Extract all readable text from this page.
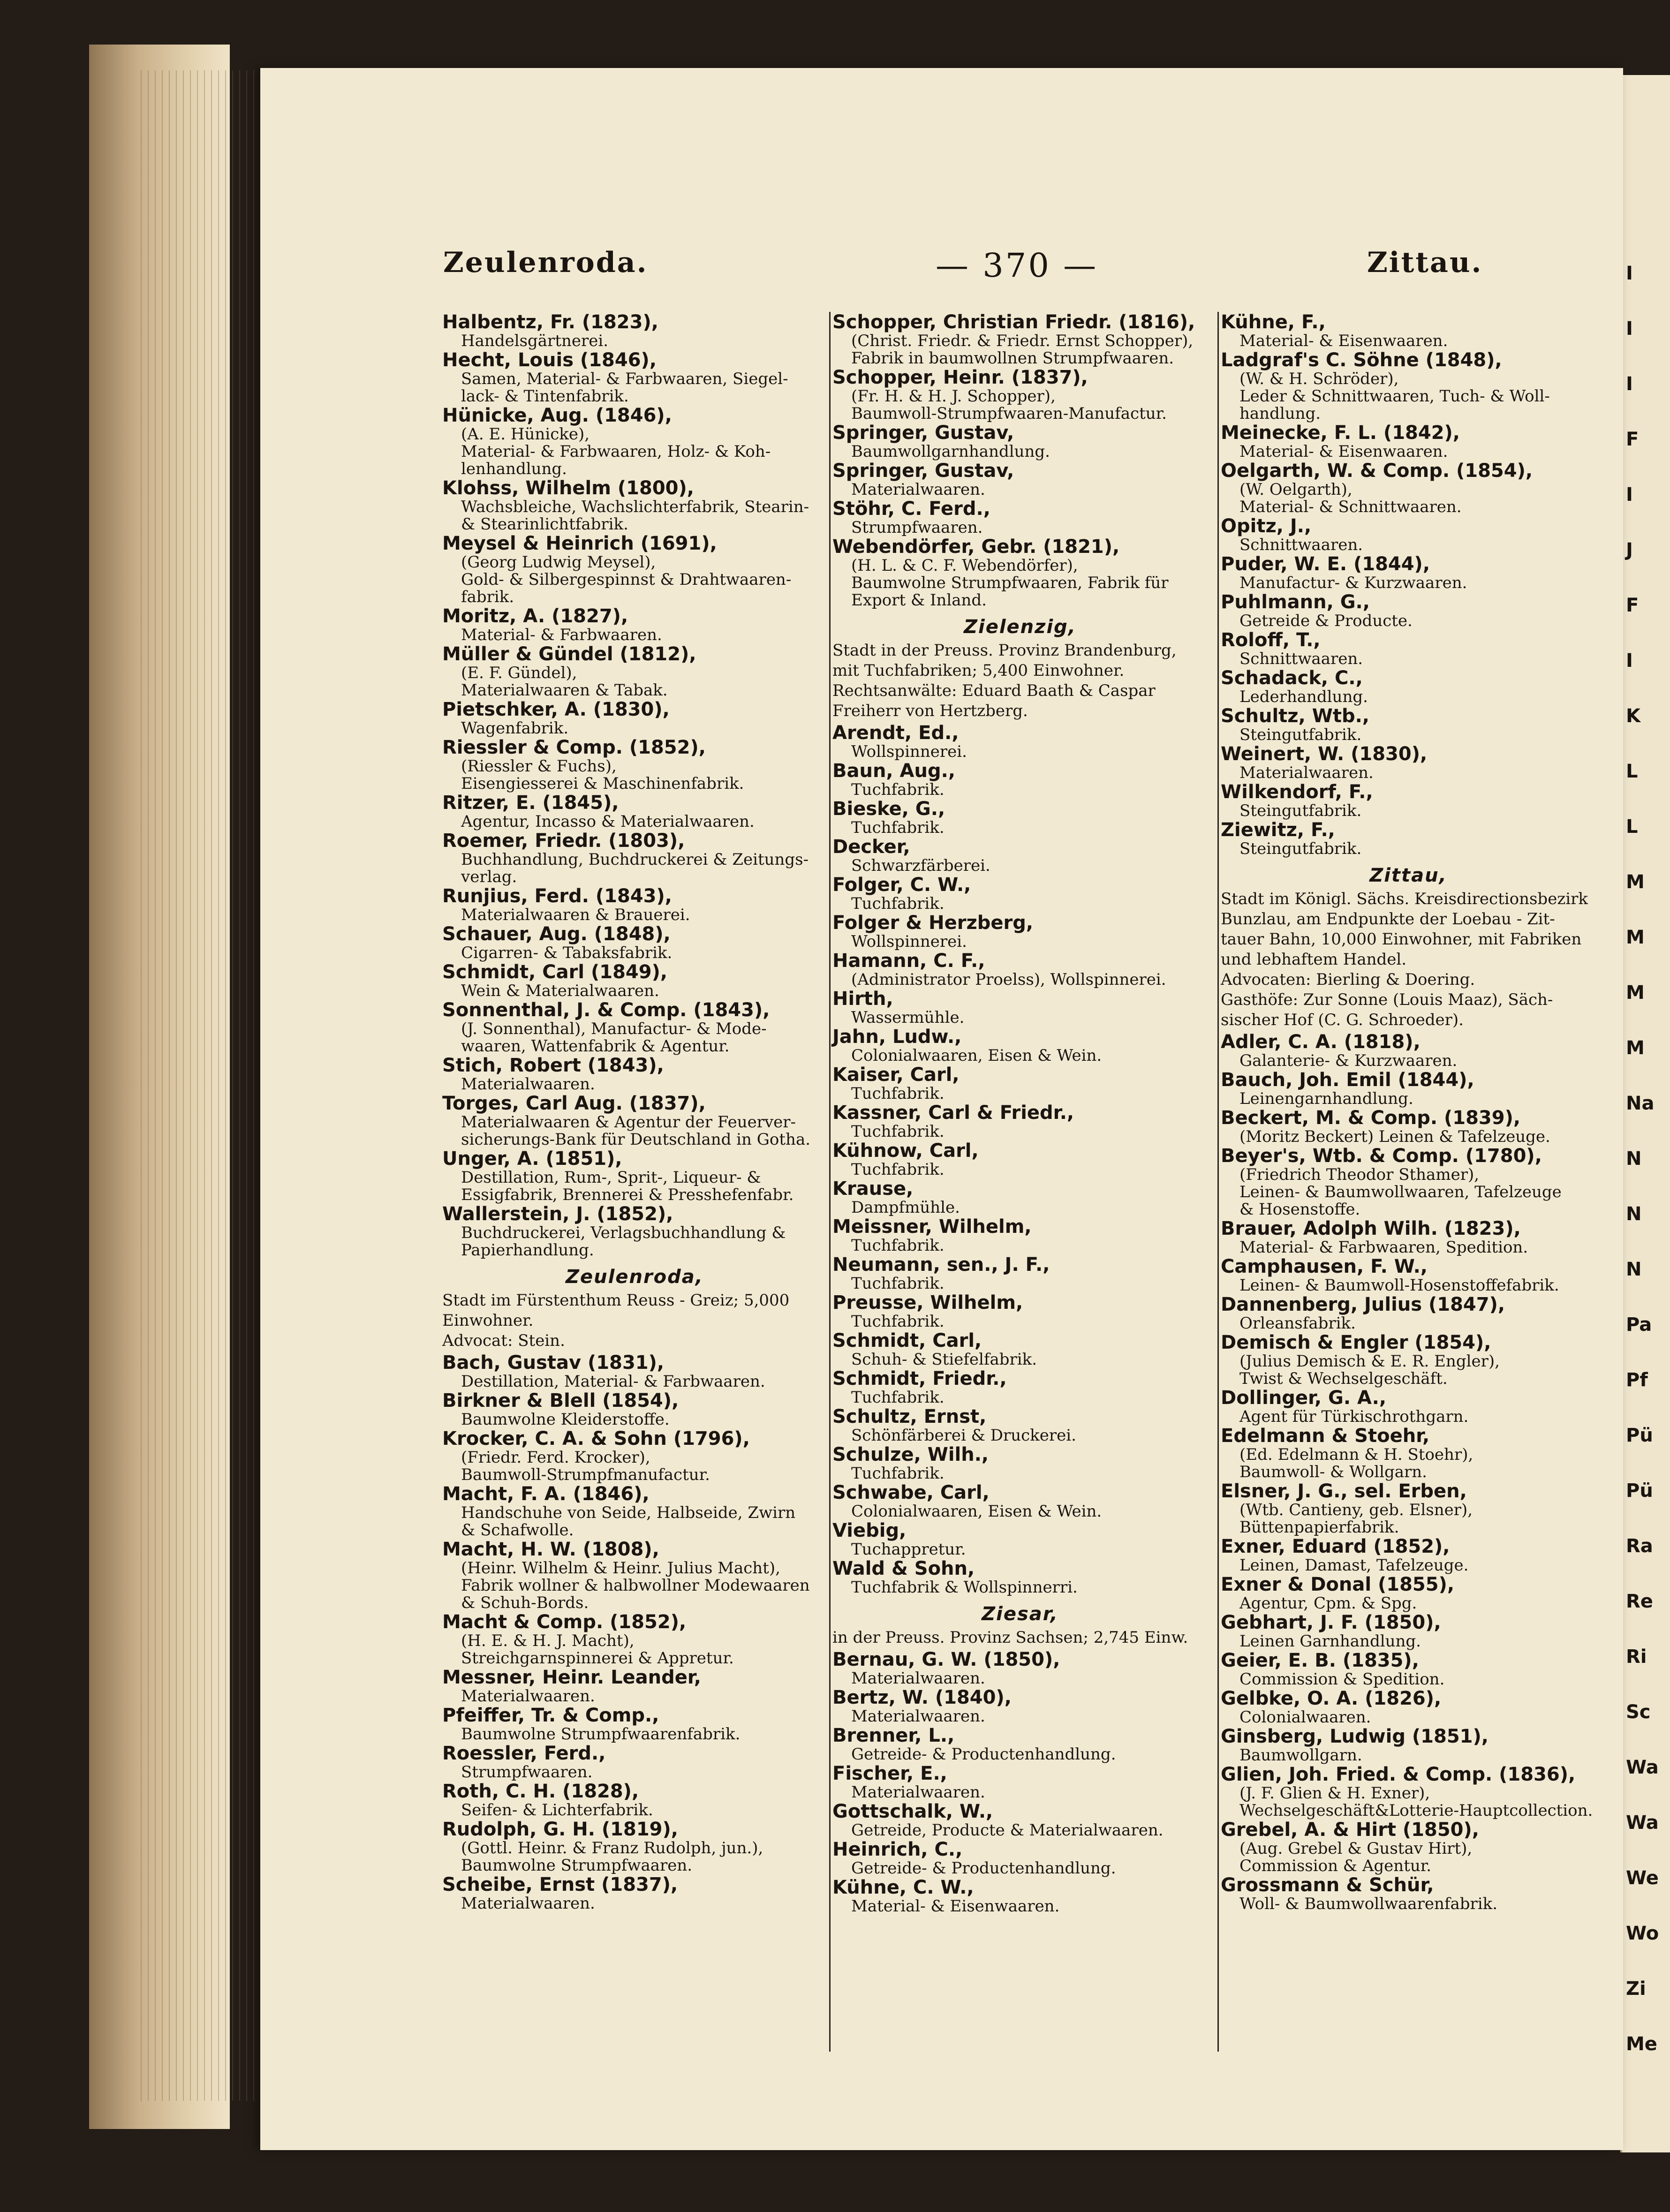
I
I
I
F
I
J
F
I
K
L
L
M
M
M
M
Na
N
N
N
Pa
Pf
Pü
Pü
Ra
Re
Ri
Sc
Wa
Wa
We
Wo
Zi
Me
Zeulenroda.	— 370 —	Zittau.
Halbentz, Fr. (1823),
Handelsgärtnerei.
Hecht, Louis (1846),
Samen, Material- & Farbwaaren, Siegel-
lack- & Tintenfabrik.
Hünicke, Aug. (1846),
(A. E. Hünicke),
Material- & Farbwaaren, Holz- & Koh-
lenhandlung.
Klohss, Wilhelm (1800),
Wachsbleiche, Wachslichterfabrik, Stearin-
& Stearinlichtfabrik.
Meysel & Heinrich (1691),
(Georg Ludwig Meysel),
Gold- & Silbergespinnst & Drahtwaaren-
fabrik.
Moritz, A. (1827),
Material- & Farbwaaren.
Müller & Gündel (1812),
(E. F. Gündel),
Materialwaaren & Tabak.
Pietschker, A. (1830),
Wagenfabrik.
Riessler & Comp. (1852),
(Riessler & Fuchs),
Eisengiesserei & Maschinenfabrik.
Ritzer, E. (1845),
Agentur, Incasso & Materialwaaren.
Roemer, Friedr. (1803),
Buchhandlung, Buchdruckerei & Zeitungs-
verlag.
Runjius, Ferd. (1843),
Materialwaaren & Brauerei.
Schauer, Aug. (1848),
Cigarren- & Tabaksfabrik.
Schmidt, Carl (1849),
Wein & Materialwaaren.
Sonnenthal, J. & Comp. (1843),
(J. Sonnenthal), Manufactur- & Mode-
waaren, Wattenfabrik & Agentur.
Stich, Robert (1843),
Materialwaaren.
Torges, Carl Aug. (1837),
Materialwaaren & Agentur der Feuerver-
sicherungs-Bank für Deutschland in Gotha.
Unger, A. (1851),
Destillation, Rum-, Sprit-, Liqueur- &
Essigfabrik, Brennerei & Presshefenfabr.
Wallerstein, J. (1852),
Buchdruckerei, Verlagsbuchhandlung &
Papierhandlung.
Zeulenroda,
Stadt im Fürstenthum Reuss - Greiz; 5,000
Einwohner.
Advocat: Stein.
Bach, Gustav (1831),
Destillation, Material- & Farbwaaren.
Birkner & Blell (1854),
Baumwolne Kleiderstoffe.
Krocker, C. A. & Sohn (1796),
(Friedr. Ferd. Krocker),
Baumwoll-Strumpfmanufactur.
Macht, F. A. (1846),
Handschuhe von Seide, Halbseide, Zwirn
& Schafwolle.
Macht, H. W. (1808),
(Heinr. Wilhelm & Heinr. Julius Macht),
Fabrik wollner & halbwollner Modewaaren
& Schuh-Bords.
Macht & Comp. (1852),
(H. E. & H. J. Macht),
Streichgarnspinnerei & Appretur.
Messner, Heinr. Leander,
Materialwaaren.
Pfeiffer, Tr. & Comp.,
Baumwolne Strumpfwaarenfabrik.
Roessler, Ferd.,
Strumpfwaaren.
Roth, C. H. (1828),
Seifen- & Lichterfabrik.
Rudolph, G. H. (1819),
(Gottl. Heinr. & Franz Rudolph, jun.),
Baumwolne Strumpfwaaren.
Scheibe, Ernst (1837),
Materialwaaren.
Schopper, Christian Friedr. (1816),
(Christ. Friedr. & Friedr. Ernst Schopper),
Fabrik in baumwollnen Strumpfwaaren.
Schopper, Heinr. (1837),
(Fr. H. & H. J. Schopper),
Baumwoll-Strumpfwaaren-Manufactur.
Springer, Gustav,
Baumwollgarnhandlung.
Springer, Gustav,
Materialwaaren.
Stöhr, C. Ferd.,
Strumpfwaaren.
Webendörfer, Gebr. (1821),
(H. L. & C. F. Webendörfer),
Baumwolne Strumpfwaaren, Fabrik für
Export & Inland.
Zielenzig,
Stadt in der Preuss. Provinz Brandenburg,
mit Tuchfabriken; 5,400 Einwohner.
Rechtsanwälte: Eduard Baath & Caspar
Freiherr von Hertzberg.
Arendt, Ed.,
Wollspinnerei.
Baun, Aug.,
Tuchfabrik.
Bieske, G.,
Tuchfabrik.
Decker,
Schwarzfärberei.
Folger, C. W.,
Tuchfabrik.
Folger & Herzberg,
Wollspinnerei.
Hamann, C. F.,
(Administrator Proelss), Wollspinnerei.
Hirth,
Wassermühle.
Jahn, Ludw.,
Colonialwaaren, Eisen & Wein.
Kaiser, Carl,
Tuchfabrik.
Kassner, Carl & Friedr.,
Tuchfabrik.
Kühnow, Carl,
Tuchfabrik.
Krause,
Dampfmühle.
Meissner, Wilhelm,
Tuchfabrik.
Neumann, sen., J. F.,
Tuchfabrik.
Preusse, Wilhelm,
Tuchfabrik.
Schmidt, Carl,
Schuh- & Stiefelfabrik.
Schmidt, Friedr.,
Tuchfabrik.
Schultz, Ernst,
Schönfärberei & Druckerei.
Schulze, Wilh.,
Tuchfabrik.
Schwabe, Carl,
Colonialwaaren, Eisen & Wein.
Viebig,
Tuchappretur.
Wald & Sohn,
Tuchfabrik & Wollspinnerri.
Ziesar,
in der Preuss. Provinz Sachsen; 2,745 Einw.
Bernau, G. W. (1850),
Materialwaaren.
Bertz, W. (1840),
Materialwaaren.
Brenner, L.,
Getreide- & Productenhandlung.
Fischer, E.,
Materialwaaren.
Gottschalk, W.,
Getreide, Producte & Materialwaaren.
Heinrich, C.,
Getreide- & Productenhandlung.
Kühne, C. W.,
Material- & Eisenwaaren.
Kühne, F.,
Material- & Eisenwaaren.
Ladgraf's C. Söhne (1848),
(W. & H. Schröder),
Leder & Schnittwaaren, Tuch- & Woll-
handlung.
Meinecke, F. L. (1842),
Material- & Eisenwaaren.
Oelgarth, W. & Comp. (1854),
(W. Oelgarth),
Material- & Schnittwaaren.
Opitz, J.,
Schnittwaaren.
Puder, W. E. (1844),
Manufactur- & Kurzwaaren.
Puhlmann, G.,
Getreide & Producte.
Roloff, T.,
Schnittwaaren.
Schadack, C.,
Lederhandlung.
Schultz, Wtb.,
Steingutfabrik.
Weinert, W. (1830),
Materialwaaren.
Wilkendorf, F.,
Steingutfabrik.
Ziewitz, F.,
Steingutfabrik.
Zittau,
Stadt im Königl. Sächs. Kreisdirectionsbezirk
Bunzlau, am Endpunkte der Loebau - Zit-
tauer Bahn, 10,000 Einwohner, mit Fabriken
und lebhaftem Handel.
Advocaten: Bierling & Doering.
Gasthöfe: Zur Sonne (Louis Maaz), Säch-
sischer Hof (C. G. Schroeder).
Adler, C. A. (1818),
Galanterie- & Kurzwaaren.
Bauch, Joh. Emil (1844),
Leinengarnhandlung.
Beckert, M. & Comp. (1839),
(Moritz Beckert) Leinen & Tafelzeuge.
Beyer's, Wtb. & Comp. (1780),
(Friedrich Theodor Sthamer),
Leinen- & Baumwollwaaren, Tafelzeuge
& Hosenstoffe.
Brauer, Adolph Wilh. (1823),
Material- & Farbwaaren, Spedition.
Camphausen, F. W.,
Leinen- & Baumwoll-Hosenstoffefabrik.
Dannenberg, Julius (1847),
Orleansfabrik.
Demisch & Engler (1854),
(Julius Demisch & E. R. Engler),
Twist & Wechselgeschäft.
Dollinger, G. A.,
Agent für Türkischrothgarn.
Edelmann & Stoehr,
(Ed. Edelmann & H. Stoehr),
Baumwoll- & Wollgarn.
Elsner, J. G., sel. Erben,
(Wtb. Cantieny, geb. Elsner),
Büttenpapierfabrik.
Exner, Eduard (1852),
Leinen, Damast, Tafelzeuge.
Exner & Donal (1855),
Agentur, Cpm. & Spg.
Gebhart, J. F. (1850),
Leinen Garnhandlung.
Geier, E. B. (1835),
Commission & Spedition.
Gelbke, O. A. (1826),
Colonialwaaren.
Ginsberg, Ludwig (1851),
Baumwollgarn.
Glien, Joh. Fried. & Comp. (1836),
(J. F. Glien & H. Exner),
Wechselgeschäft&Lotterie-Hauptcollection.
Grebel, A. & Hirt (1850),
(Aug. Grebel & Gustav Hirt),
Commission & Agentur.
Grossmann & Schür,
Woll- & Baumwollwaarenfabrik.
